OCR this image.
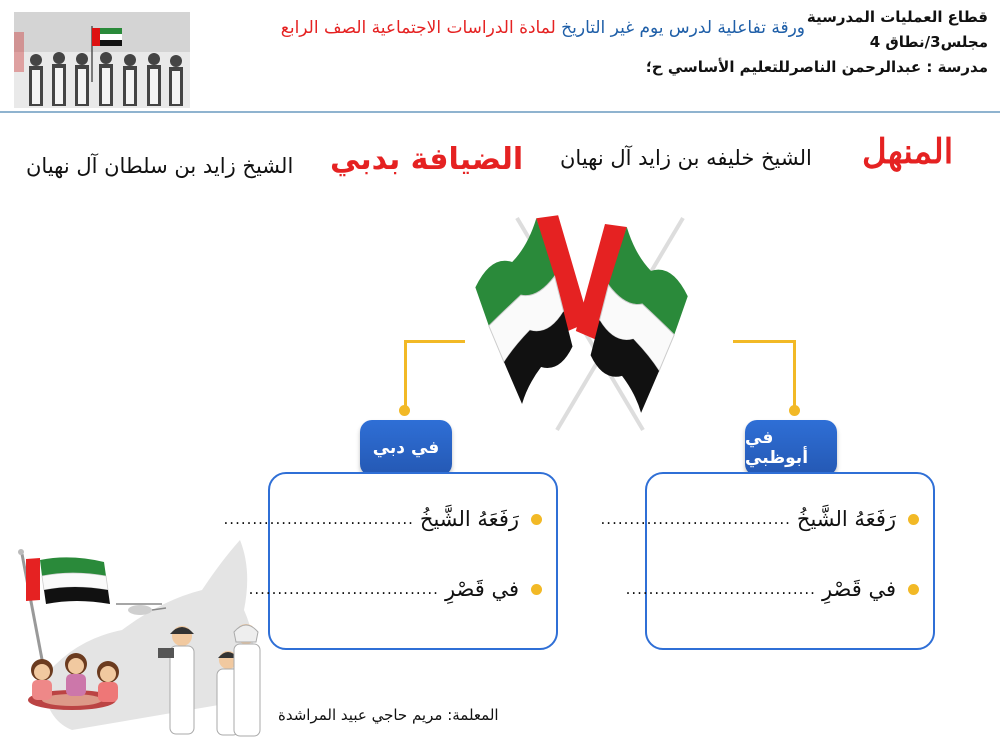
قطاع العمليات المدرسية
مجلس3/نطاق 4
مدرسة : عبدالرحمن الناصرللتعليم الأساسي ح؛
ورقة تفاعلية لدرس يوم غير التاريخ لمادة الدراسات الاجتماعية الصف الرابع
المنهل
الشيخ خليفه بن زايد آل نهيان
الضيافة بدبي
الشيخ زايد بن سلطان آل نهيان
في دبي	في أبوظبي
رَفَعَهُ الشَّيخُ
.................................
في قَصْرِ
.................................
رَفَعَهُ الشَّيخُ
.................................
في قَصْرِ
.................................
المعلمة: مريم حاجي عبيد المراشدة
